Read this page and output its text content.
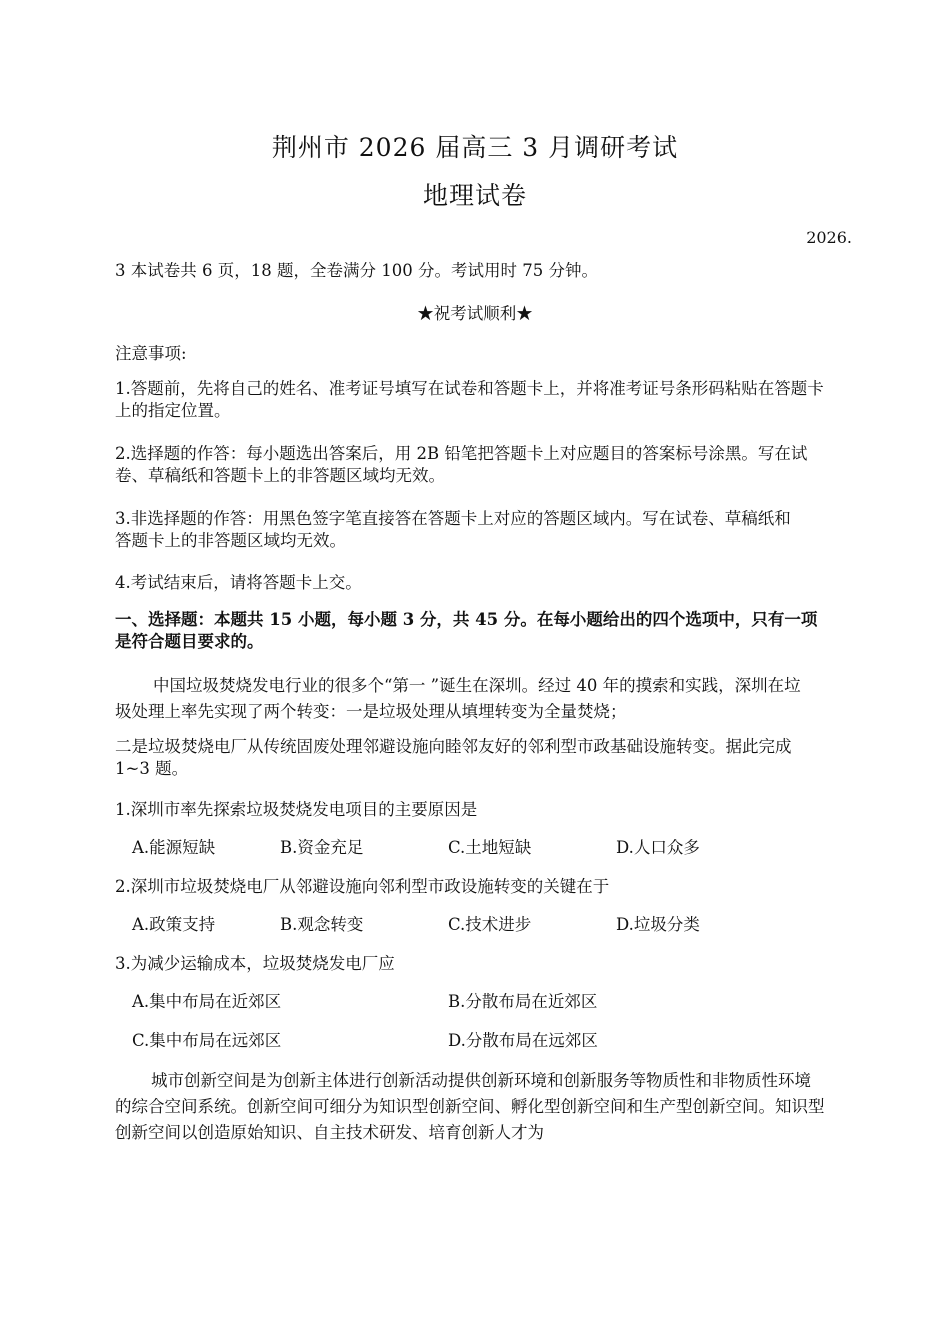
荆州市 2026 届高三 3 月调研考试
地理试卷
2026.
3 本试卷共 6 页，18 题，全卷满分 100 分。考试用时 75 分钟。
★祝考试顺利★
注意事项:
1.答题前，先将自己的姓名、准考证号填写在试卷和答题卡上，并将准考证号条形码粘贴在答题卡上的指定位置。
2.选择题的作答：每小题选出答案后，用 2B 铅笔把答题卡上对应题目的答案标号涂黑。写在试卷、草稿纸和答题卡上的非答题区域均无效。
3.非选择题的作答：用黑色签字笔直接答在答题卡上对应的答题区域内。写在试卷、草稿纸和答题卡上的非答题区域均无效。
4.考试结束后，请将答题卡上交。
一、选择题：本题共 15 小题，每小题 3 分，共 45 分。在每小题给出的四个选项中，只有一项是符合题目要求的。
中国垃圾焚烧发电行业的很多个“第一 ”诞生在深圳。经过 40 年的摸索和实践，深圳在垃圾处理上率先实现了两个转变：一是垃圾处理从填埋转变为全量焚烧；
二是垃圾焚烧电厂从传统固废处理邻避设施向睦邻友好的邻利型市政基础设施转变。据此完成 1~3 题。
1.深圳市率先探索垃圾焚烧发电项目的主要原因是
A.能源短缺	B.资金充足	C.土地短缺	D.人口众多
2.深圳市垃圾焚烧电厂从邻避设施向邻利型市政设施转变的关键在于
A.政策支持	B.观念转变	C.技术进步	D.垃圾分类
3.为减少运输成本，垃圾焚烧发电厂应
A.集中布局在近郊区	B.分散布局在近郊区
C.集中布局在远郊区	D.分散布局在远郊区
城市创新空间是为创新主体进行创新活动提供创新环境和创新服务等物质性和非物质性环境的综合空间系统。创新空间可细分为知识型创新空间、孵化型创新空间和生产型创新空间。知识型创新空间以创造原始知识、自主技术研发、培育创新人才为
